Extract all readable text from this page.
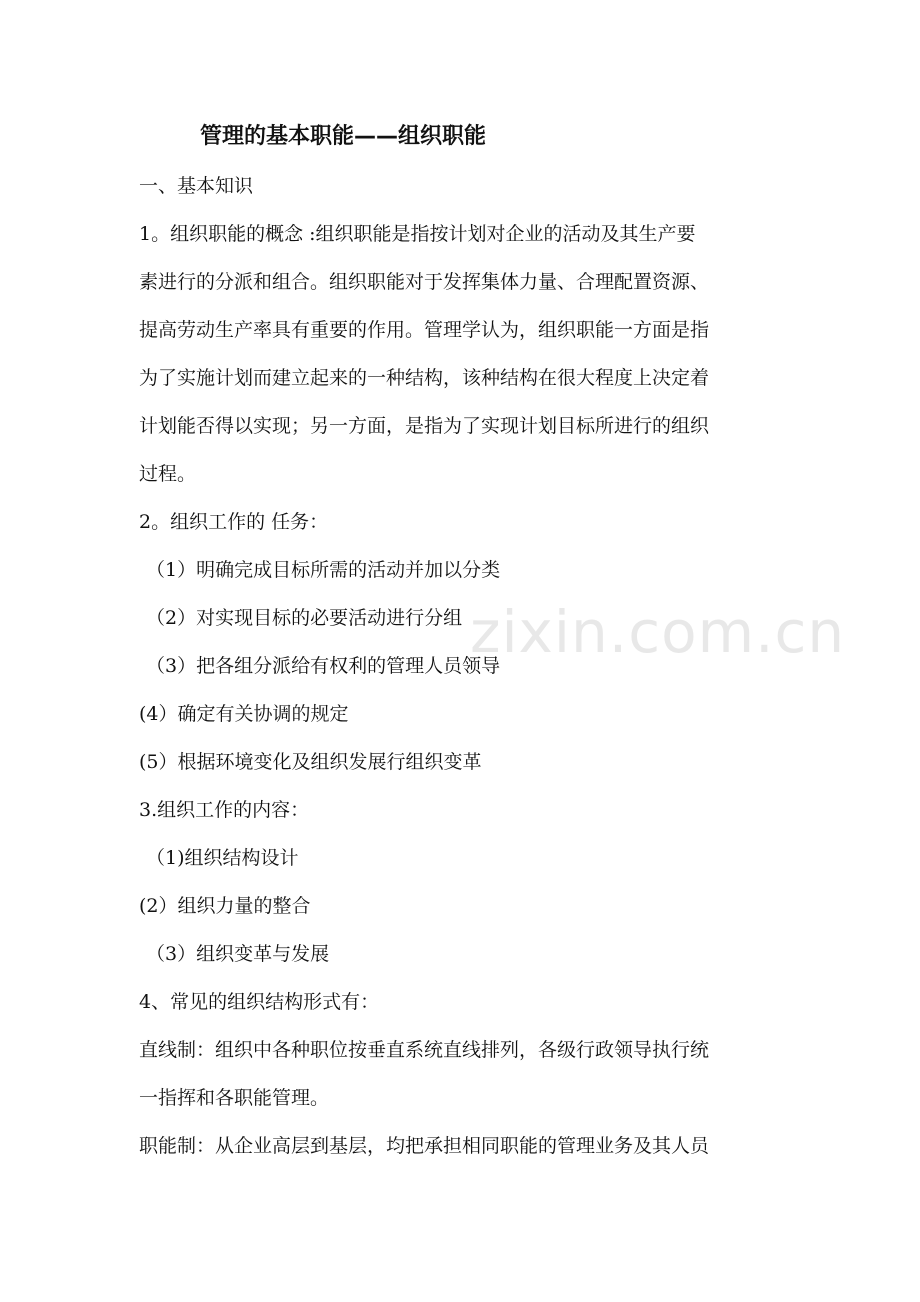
zixin.com.cn
管理的基本职能——组织职能
一、基本知识
1。组织职能的概念 :组织职能是指按计划对企业的活动及其生产要
素进行的分派和组合。组织职能对于发挥集体力量、合理配置资源、
提高劳动生产率具有重要的作用。管理学认为，组织职能一方面是指
为了实施计划而建立起来的一种结构，该种结构在很大程度上决定着
计划能否得以实现；另一方面，是指为了实现计划目标所进行的组织
过程。
2。组织工作的 任务：
（1）明确完成目标所需的活动并加以分类
（2）对实现目标的必要活动进行分组
（3）把各组分派给有权利的管理人员领导
(4）确定有关协调的规定
(5）根据环境变化及组织发展行组织变革
3.组织工作的内容：
（1)组织结构设计
(2）组织力量的整合
（3）组织变革与发展
4、常见的组织结构形式有：
直线制：组织中各种职位按垂直系统直线排列，各级行政领导执行统
一指挥和各职能管理。
职能制：从企业高层到基层，均把承担相同职能的管理业务及其人员
